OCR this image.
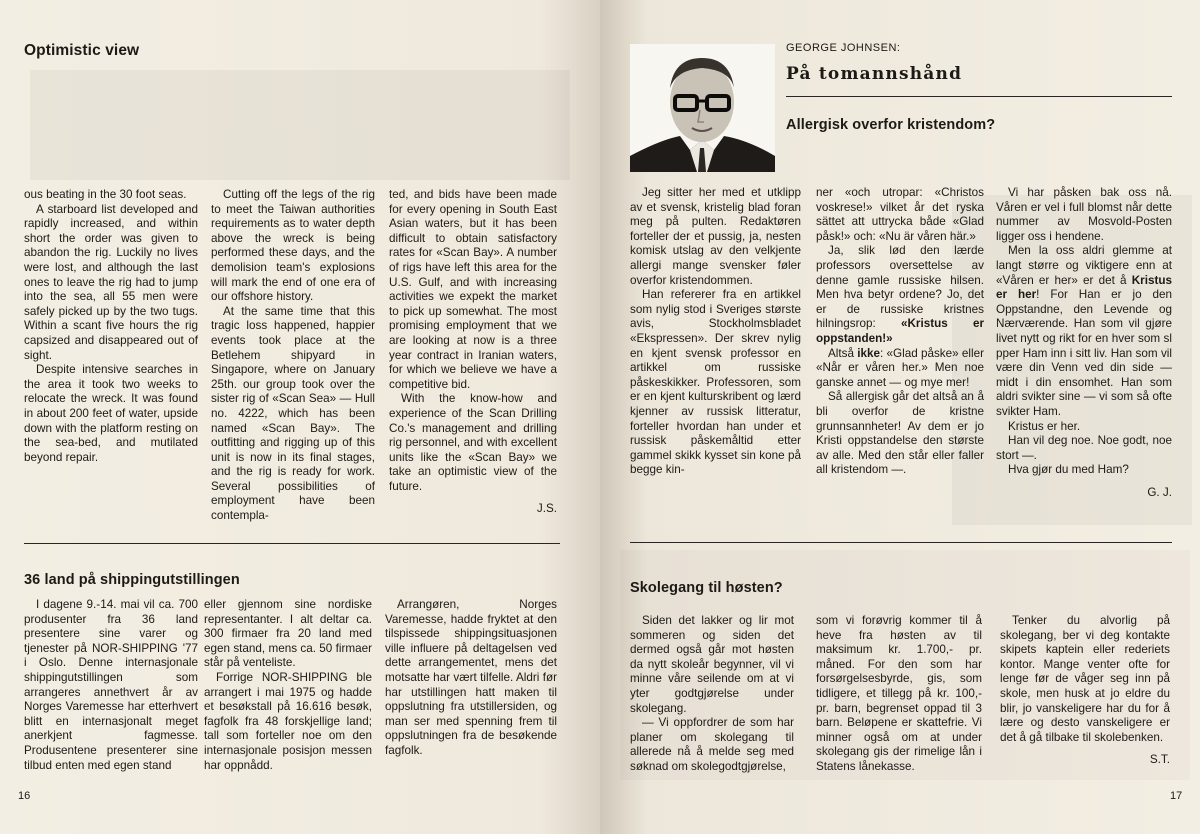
Optimistic view

ous beating in the 30 foot seas.

A starboard list developed and rapidly increased, and within short the order was given to abandon the rig. Luckily no lives were lost, and although the last ones to leave the rig had to jump into the sea, all 55 men were safely picked up by the two tugs. Within a scant five hours the rig capsized and disappeared out of sight.

Despite intensive searches in the area it took two weeks to relocate the wreck. It was found in about 200 feet of water, upside down with the platform resting on the sea-bed, and mutilated beyond repair.

Cutting off the legs of the rig to meet the Taiwan authorities requirements as to water depth above the wreck is being performed these days, and the demolision team's explosions will mark the end of one era of our offshore history.

At the same time that this tragic loss happened, happier events took place at the Betlehem shipyard in Singapore, where on January 25th. our group took over the sister rig of «Scan Sea» — Hull no. 4222, which has been named «Scan Bay». The outfitting and rigging up of this unit is now in its final stages, and the rig is ready for work. Several possibilities of employment have been contempla-

ted, and bids have been made for every opening in South East Asian waters, but it has been difficult to obtain satisfactory rates for «Scan Bay». A number of rigs have left this area for the U.S. Gulf, and with increasing activities we expekt the market to pick up somewhat. The most promising employment that we are looking at now is a three year contract in Iranian waters, for which we believe we have a competitive bid.

With the know-how and experience of the Scan Drilling Co.'s management and drilling rig personnel, and with excellent units like the «Scan Bay» we take an optimistic view of the future.

J.S.

36 land på shippingutstillingen

I dagene 9.-14. mai vil ca. 700 produsenter fra 36 land presentere sine varer og tjenester på NOR-SHIPPING '77 i Oslo. Denne internasjonale shippingutstillingen som arrangeres annethvert år av Norges Varemesse har etterhvert blitt en internasjonalt meget anerkjent fagmesse. Produsentene presenterer sine tilbud enten med egen stand

eller gjennom sine nordiske representanter. I alt deltar ca. 300 firmaer fra 20 land med egen stand, mens ca. 50 firmaer står på venteliste.

Forrige NOR-SHIPPING ble arrangert i mai 1975 og hadde et besøkstall på 16.616 besøk, fagfolk fra 48 forskjellige land; tall som forteller noe om den internasjonale posisjon messen har oppnådd.

Arrangøren, Norges Varemesse, hadde fryktet at den tilspissede shippingsituasjonen ville influere på deltagelsen ved dette arrangementet, mens det motsatte har vært tilfelle. Aldri før har utstillingen hatt maken til oppslutning fra utstillersiden, og man ser med spenning frem til oppslutningen fra de besøkende fagfolk.

16
GEORGE JOHNSEN:
På tomannshånd
Allergisk overfor kristendom?

Jeg sitter her med et utklipp av et svensk, kristelig blad foran meg på pulten. Redaktøren forteller der et pussig, ja, nesten komisk utslag av den velkjente allergi mange svensker føler overfor kristendommen.

Han refererer fra en artikkel som nylig stod i Sveriges største avis, Stockholmsbladet «Ekspressen». Der skrev nylig en kjent svensk professor en artikkel om russiske påskeskikker. Professoren, som er en kjent kulturskribent og lærd kjenner av russisk litteratur, forteller hvordan han under et russisk påskemåltid etter gammel skikk kysset sin kone på begge kin-

ner «och utropar: «Christos voskrese!» vilket år det ryska sättet att uttrycka både «Glad påsk!» och: «Nu är våren här.»

Ja, slik lød den lærde professors oversettelse av denne gamle russiske hilsen. Men hva betyr ordene? Jo, det er de russiske kristnes hilningsrop: «Kristus er oppstanden!»

Altså ikke: «Glad påske» eller «Når er våren her.» Men noe ganske annet — og mye mer!

Så allergisk går det altså an å bli overfor de kristne grunnsannheter! Av dem er jo Kristi oppstandelse den største av alle. Med den står eller faller all kristendom —.

Vi har påsken bak oss nå. Våren er vel i full blomst når dette nummer av Mosvold-Posten ligger oss i hendene.

Men la oss aldri glemme at langt større og viktigere enn at «Våren er her» er det å Kristus er her! For Han er jo den Oppstandne, den Levende og Nærværende. Han som vil gjøre livet nytt og rikt for en hver som sl pper Ham inn i sitt liv. Han som vil være din Venn ved din side — midt i din ensomhet. Han som aldri svikter sine — vi som så ofte svikter Ham.

Kristus er her.

Han vil deg noe. Noe godt, noe stort —.

Hva gjør du med Ham?

G. J.

Skolegang til høsten?

Siden det lakker og lir mot sommeren og siden det dermed også går mot høsten da nytt skoleår begynner, vil vi minne våre seilende om at vi yter godtgjørelse under skolegang.

— Vi oppfordrer de som har planer om skolegang til allerede nå å melde seg med søknad om skolegodtgjørelse,

som vi forøvrig kommer til å heve fra høsten av til maksimum kr. 1.700,- pr. måned. For den som har forsørgelsesbyrde, gis, som tidligere, et tillegg på kr. 100,- pr. barn, begrenset oppad til 3 barn. Beløpene er skattefrie. Vi minner også om at under skolegang gis der rimelige lån i Statens lånekasse.

Tenker du alvorlig på skolegang, ber vi deg kontakte skipets kaptein eller rederiets kontor. Mange venter ofte for lenge før de våger seg inn på skole, men husk at jo eldre du blir, jo vanskeligere har du for å lære og desto vanskeligere er det å gå tilbake til skolebenken.

S.T.

17
